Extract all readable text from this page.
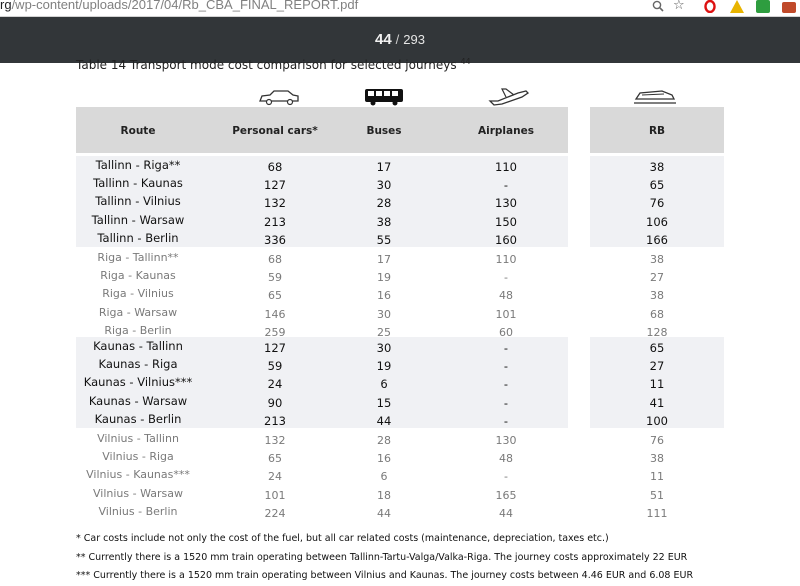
rg/wp-content/uploads/2017/04/Rb_CBA_FINAL_REPORT.pdf	☆
44 / 293
Table 14 Transport mode cost comparison for selected journeys $^{44}$
Route	Personal cars*	Buses	Airplanes	RB
Tallinn - Riga**	68	17	110	38
Tallinn - Kaunas	127	30	-	65
Tallinn - Vilnius	132	28	130	76
Tallinn - Warsaw	213	38	150	106
Tallinn - Berlin	336	55	160	166
Riga - Tallinn**	68	17	110	38
Riga - Kaunas	59	19	-	27
Riga - Vilnius	65	16	48	38
Riga - Warsaw	146	30	101	68
Riga - Berlin	259	25	60	128
Kaunas - Tallinn	127	30	-	65
Kaunas - Riga	59	19	-	27
Kaunas - Vilnius***	24	6	-	11
Kaunas - Warsaw	90	15	-	41
Kaunas - Berlin	213	44	-	100
Vilnius - Tallinn	132	28	130	76
Vilnius - Riga	65	16	48	38
Vilnius - Kaunas***	24	6	-	11
Vilnius - Warsaw	101	18	165	51
Vilnius - Berlin	224	44	44	111
* Car costs include not only the cost of the fuel, but all car related costs (maintenance, depreciation, taxes etc.)
** Currently there is a 1520 mm train operating between Tallinn-Tartu-Valga/Valka-Riga. The journey costs approximately 22 EUR
*** Currently there is a 1520 mm train operating between Vilnius and Kaunas. The journey costs between 4.46 EUR and 6.08 EUR
